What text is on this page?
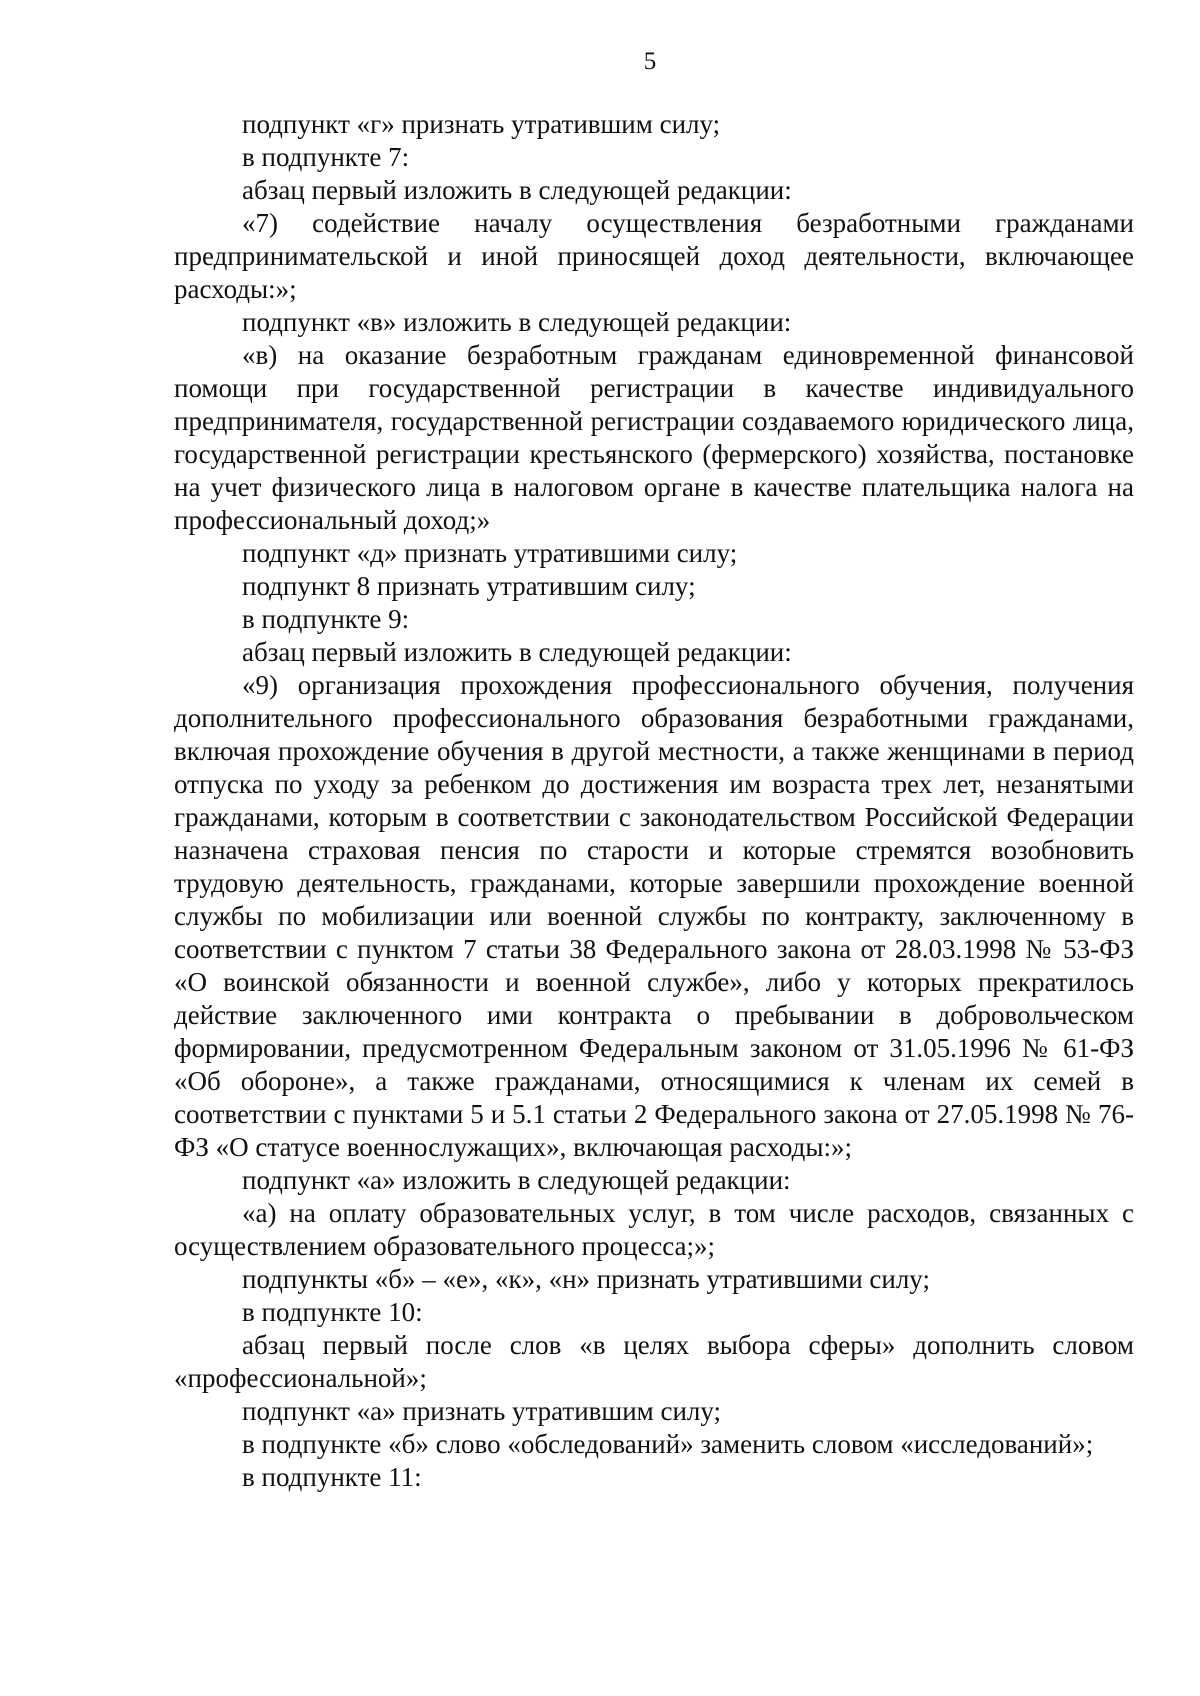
5

подпункт «г» признать утратившим силу;

в подпункте 7:

абзац первый изложить в следующей редакции:

«7) содействие началу осуществления безработными гражданами предпринимательской и иной приносящей доход деятельности, включающее расходы:»;

подпункт «в» изложить в следующей редакции:

«в) на оказание безработным гражданам единовременной финансовой помощи при государственной регистрации в качестве индивидуального предпринимателя, государственной регистрации создаваемого юридического лица, государственной регистрации крестьянского (фермерского) хозяйства, постановке на учет физического лица в налоговом органе в качестве плательщика налога на профессиональный доход;»

подпункт «д» признать утратившими силу;

подпункт 8 признать утратившим силу;

в подпункте 9:

абзац первый изложить в следующей редакции:

«9) организация прохождения профессионального обучения, получения дополнительного профессионального образования безработными гражданами, включая прохождение обучения в другой местности, а также женщинами в период отпуска по уходу за ребенком до достижения им возраста трех лет, незанятыми гражданами, которым в соответствии с законодательством Российской Федерации назначена страховая пенсия по старости и которые стремятся возобновить трудовую деятельность, гражданами, которые завершили прохождение военной службы по мобилизации или военной службы по контракту, заключенному в соответствии с пунктом 7 статьи 38 Федерального закона от 28.03.1998 № 53-ФЗ «О воинской обязанности и военной службе», либо у которых прекратилось действие заключенного ими контракта о пребывании в добровольческом формировании, предусмотренном Федеральным законом от 31.05.1996 № 61-ФЗ «Об обороне», а также гражданами, относящимися к членам их семей в соответствии с пунктами 5 и 5.1 статьи 2 Федерального закона от 27.05.1998 № 76-ФЗ «О статусе военнослужащих», включающая расходы:»;

подпункт «а» изложить в следующей редакции:

«а) на оплату образовательных услуг, в том числе расходов, связанных с осуществлением образовательного процесса;»;

подпункты «б» – «е», «к», «н» признать утратившими силу;

в подпункте 10:

абзац первый после слов «в целях выбора сферы» дополнить словом «профессиональной»;

подпункт «а» признать утратившим силу;

в подпункте «б» слово «обследований» заменить словом «исследований»;

в подпункте 11:
